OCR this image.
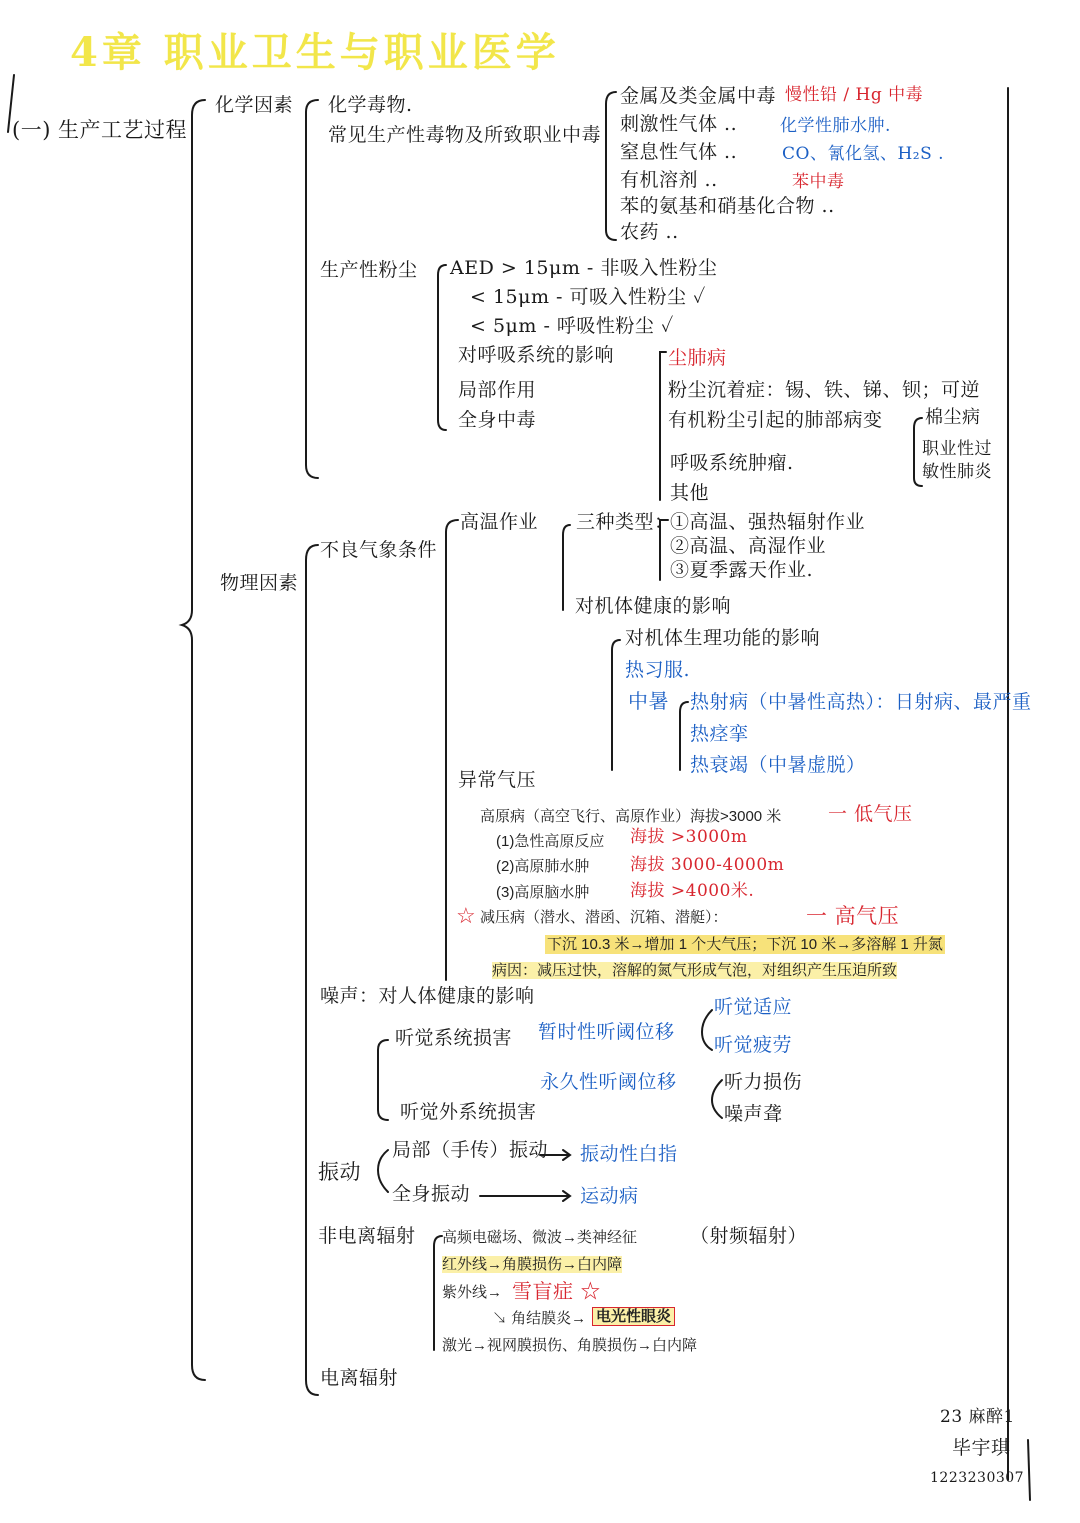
4章 职业卫生与职业医学
(一) 生产工艺过程
化学因素 化学毒物.
常见生产性毒物及所致职业中毒
金属及类金属中毒 慢性铅 / Hg 中毒
刺激性气体 ..	化学性肺水肿.
窒息性气体 ..	CO、氰化氢、H₂S .
有机溶剂 ..	苯中毒
苯的氨基和硝基化合物 ..
农药 ..
生产性粉尘 AED > 15μm - 非吸入性粉尘
< 15μm - 可吸入性粉尘 ✓
< 5μm - 呼吸性粉尘 ✓
对呼吸系统的影响
局部作用
全身中毒
尘肺病
粉尘沉着症：锡、铁、锑、钡；可逆
有机粉尘引起的肺部病变 棉尘病
职业性过
敏性肺炎
呼吸系统肿瘤.
其他
物理因素
不良气象条件
高温作业 三种类型：
①高温、强热辐射作业
②高温、高湿作业
③夏季露天作业.
对机体健康的影响
对机体生理功能的影响
热习服.
中暑 热射病（中暑性高热）：日射病、最严重
热痉挛
热衰竭（中暑虚脱）
异常气压
高原病（高空飞行、高原作业）海拔>3000 米 一 低气压
(1)急性高原反应 海拔 >3000m
(2)高原肺水肿 海拔 3000-4000m
(3)高原脑水肿 海拔 >4000米.
☆ 减压病（潜水、潜函、沉箱、潜艇）：	一 高气压
下沉 10.3 米→增加 1 个大气压；下沉 10 米→多溶解 1 升氮
病因：减压过快，溶解的氮气形成气泡，对组织产生压迫所致
噪声：对人体健康的影响
听觉系统损害
听觉外系统损害
暂时性听阈位移
听觉适应
听觉疲劳
永久性听阈位移 听力损伤
噪声聋
振动
局部（手传）振动 振动性白指
全身振动	运动病
非电离辐射 高频电磁场、微波→类神经征	（射频辐射）
红外线→角膜损伤→白内障
紫外线→ 雪盲症 ☆
↘ 角结膜炎→ 电光性眼炎
激光→视网膜损伤、角膜损伤→白内障
电离辐射
23 麻醉1
毕宇琪
1223230307
